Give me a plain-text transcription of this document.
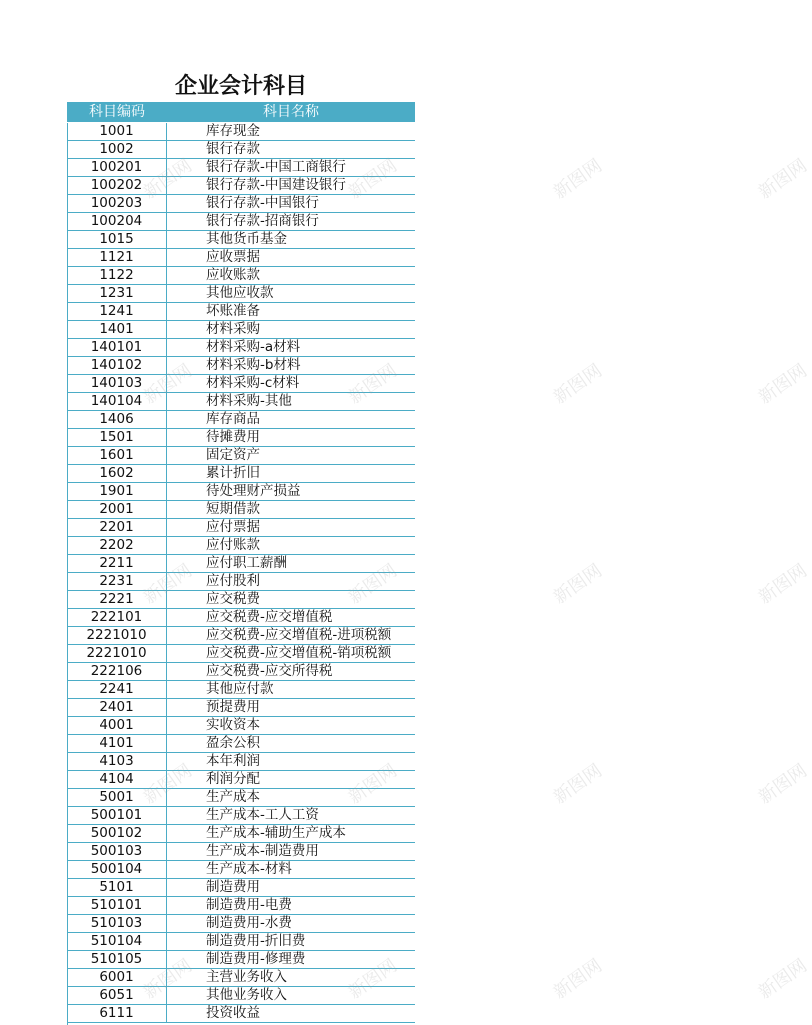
企业会计科目
科目编码	科目名称
1001	库存现金
1002	银行存款
100201	银行存款-中国工商银行
100202	银行存款-中国建设银行
100203	银行存款-中国银行
100204	银行存款-招商银行
1015	其他货币基金
1121	应收票据
1122	应收账款
1231	其他应收款
1241	坏账准备
1401	材料采购
140101	材料采购-a材料
140102	材料采购-b材料
140103	材料采购-c材料
140104	材料采购-其他
1406	库存商品
1501	待摊费用
1601	固定资产
1602	累计折旧
1901	待处理财产损益
2001	短期借款
2201	应付票据
2202	应付账款
2211	应付职工薪酬
2231	应付股利
2221	应交税费
222101	应交税费-应交增值税
2221010	应交税费-应交增值税-进项税额
2221010	应交税费-应交增值税-销项税额
222106	应交税费-应交所得税
2241	其他应付款
2401	预提费用
4001	实收资本
4101	盈余公积
4103	本年利润
4104	利润分配
5001	生产成本
500101	生产成本-工人工资
500102	生产成本-辅助生产成本
500103	生产成本-制造费用
500104	生产成本-材料
5101	制造费用
510101	制造费用-电费
510103	制造费用-水费
510104	制造费用-折旧费
510105	制造费用-修理费
6001	主营业务收入
6051	其他业务收入
6111	投资收益
新图网	新图网	新图网	新图网
新图网	新图网	新图网	新图网
新图网	新图网	新图网	新图网
新图网	新图网	新图网	新图网
新图网	新图网	新图网	新图网
